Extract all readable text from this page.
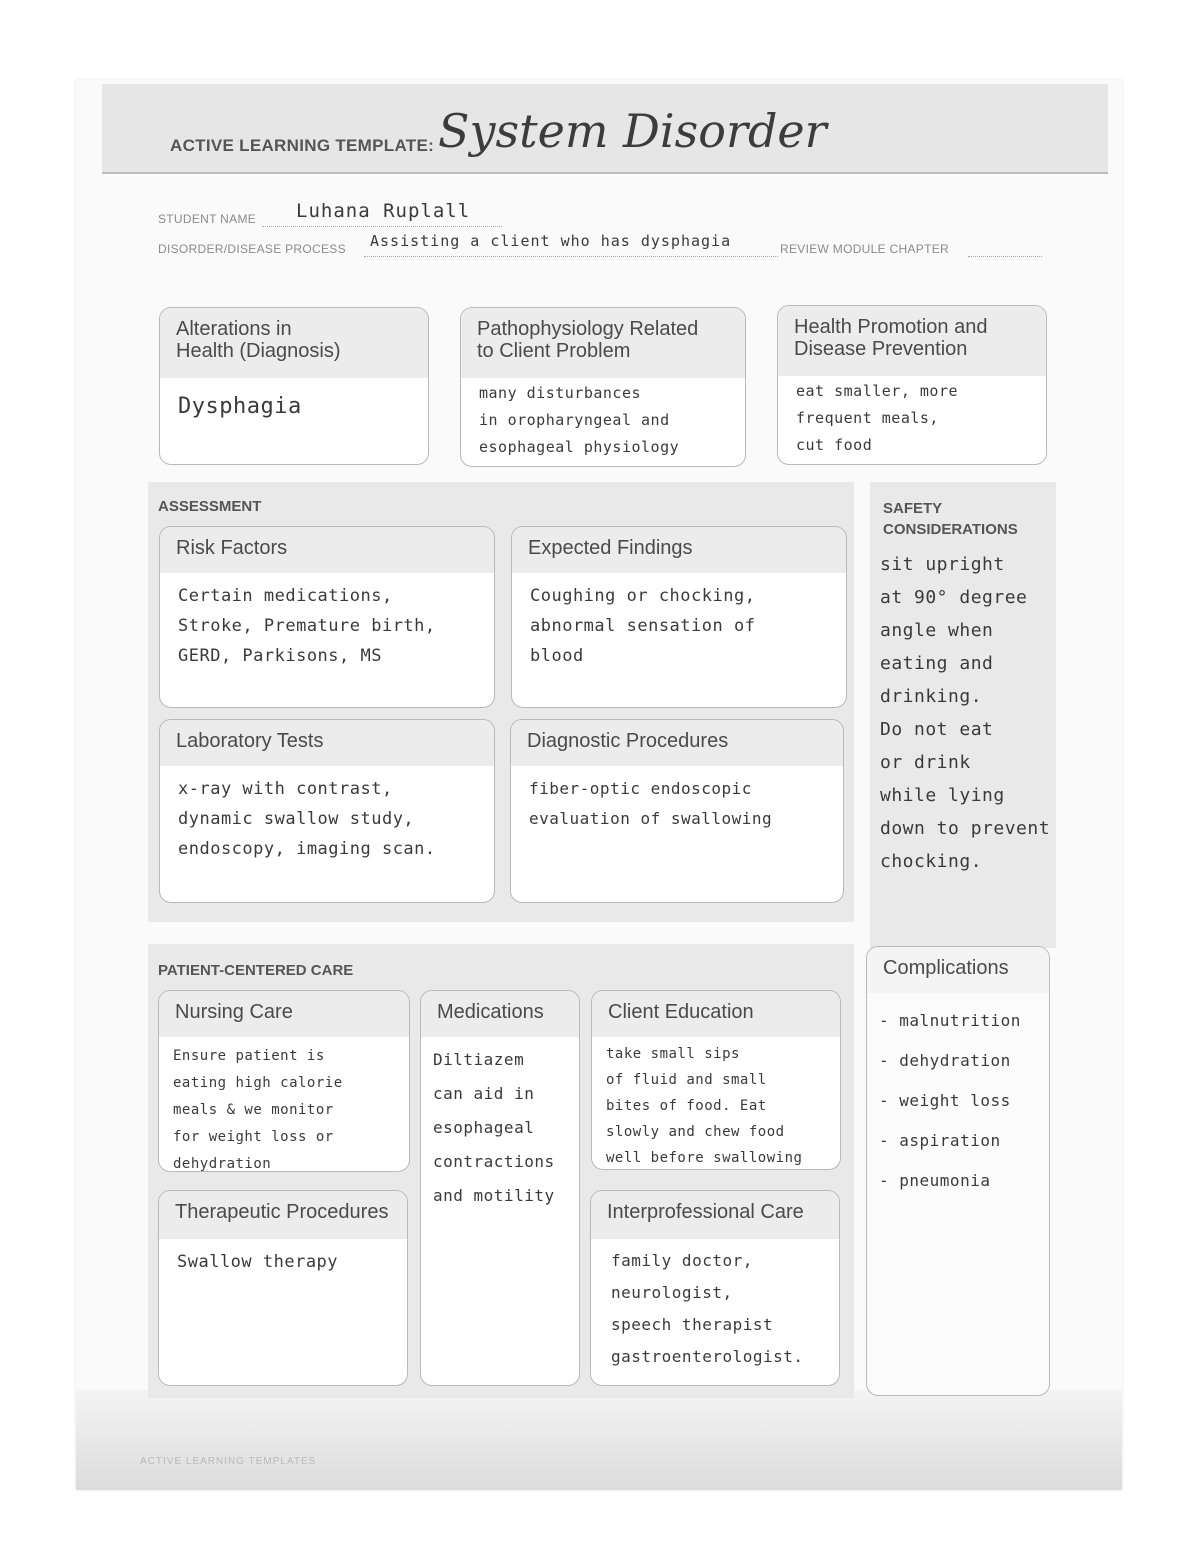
ACTIVE LEARNING TEMPLATE: System Disorder
STUDENT NAME Luhana Ruplall
DISORDER/DISEASE PROCESS Assisting a client who has dysphagia	REVIEW MODULE CHAPTER
Alterations in
Health (Diagnosis)
Dysphagia
Pathophysiology Related
to Client Problem
many disturbances
in oropharyngeal and
esophageal physiology
Health Promotion and
Disease Prevention
eat smaller, more
frequent meals,
cut food
ASSESSMENT
Risk Factors
Certain medications,
Stroke, Premature birth,
GERD, Parkisons, MS
Expected Findings
Coughing or chocking,
abnormal sensation of
blood
Laboratory Tests
x-ray with contrast,
dynamic swallow study,
endoscopy, imaging scan.
Diagnostic Procedures
fiber-optic endoscopic
evaluation of swallowing
SAFETY
CONSIDERATIONS
sit upright
at 90° degree
angle when
eating and
drinking.
Do not eat
or drink
while lying
down to prevent
chocking.
PATIENT-CENTERED CARE
Nursing Care
Ensure patient is
eating high calorie
meals & we monitor
for weight loss or dehydration
Medications
Diltiazem
can aid in
esophageal
contractions
and motility
Client Education
take small sips
of fluid and small
bites of food. Eat
slowly and chew food
well before swallowing
Therapeutic Procedures
Swallow therapy
Interprofessional Care
family doctor,
neurologist,
speech therapist
gastroenterologist.
Complications
- malnutrition
- dehydration
- weight loss
- aspiration
- pneumonia
ACTIVE LEARNING TEMPLATES
